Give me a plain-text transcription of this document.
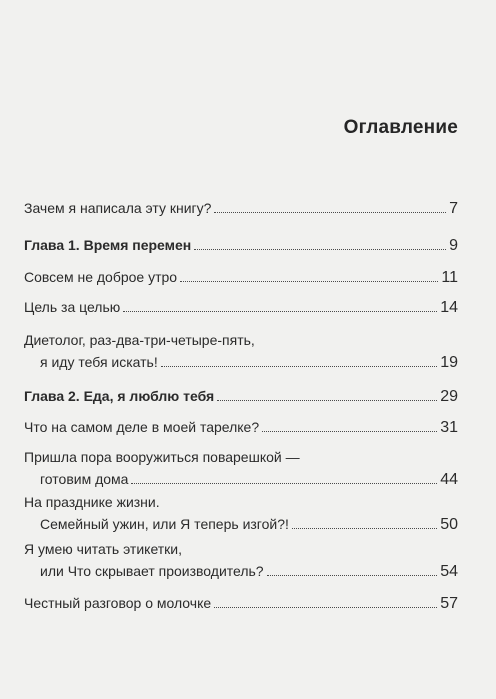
Оглавление
Зачем я написала эту книгу?	7
Глава 1. Время перемен	9
Совсем не доброе утро	11
Цель за целью	14
Диетолог, раз-два-три-четыре-пять,
я иду тебя искать!	19
Глава 2. Еда, я люблю тебя	29
Что на самом деле в моей тарелке?	31
Пришла пора вооружиться поварешкой —
готовим дома	44
На празднике жизни.
Семейный ужин, или Я теперь изгой?!	50
Я умею читать этикетки,
или Что скрывает производитель?	54
Честный разговор о молочке	57
